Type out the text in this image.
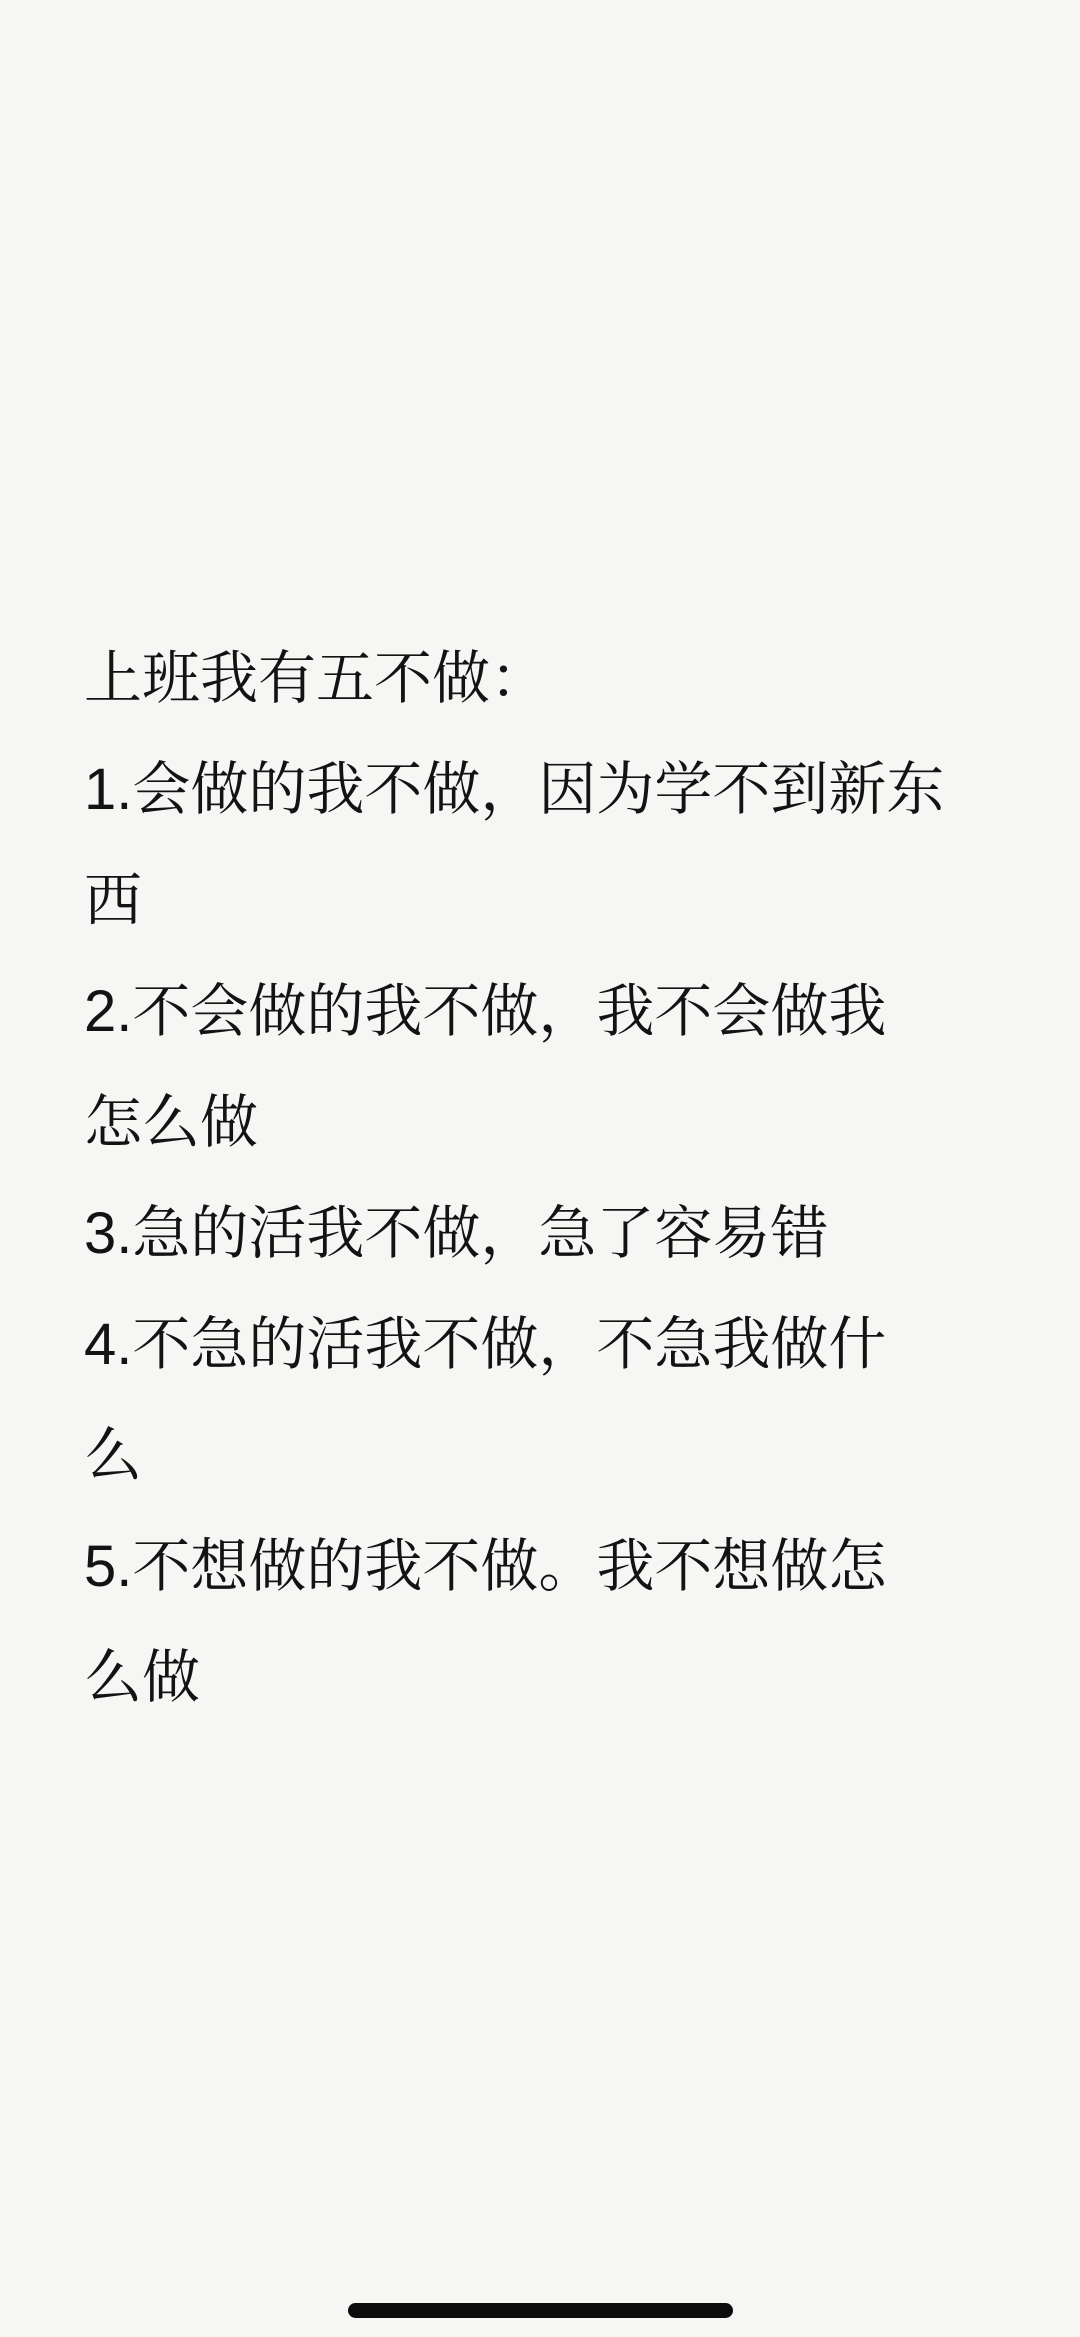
上班我有五不做：
1.会做的我不做，因为学不到新东
西
2.不会做的我不做，我不会做我
怎么做
3.急的活我不做，急了容易错
4.不急的活我不做，不急我做什
么
5.不想做的我不做。我不想做怎
么做
